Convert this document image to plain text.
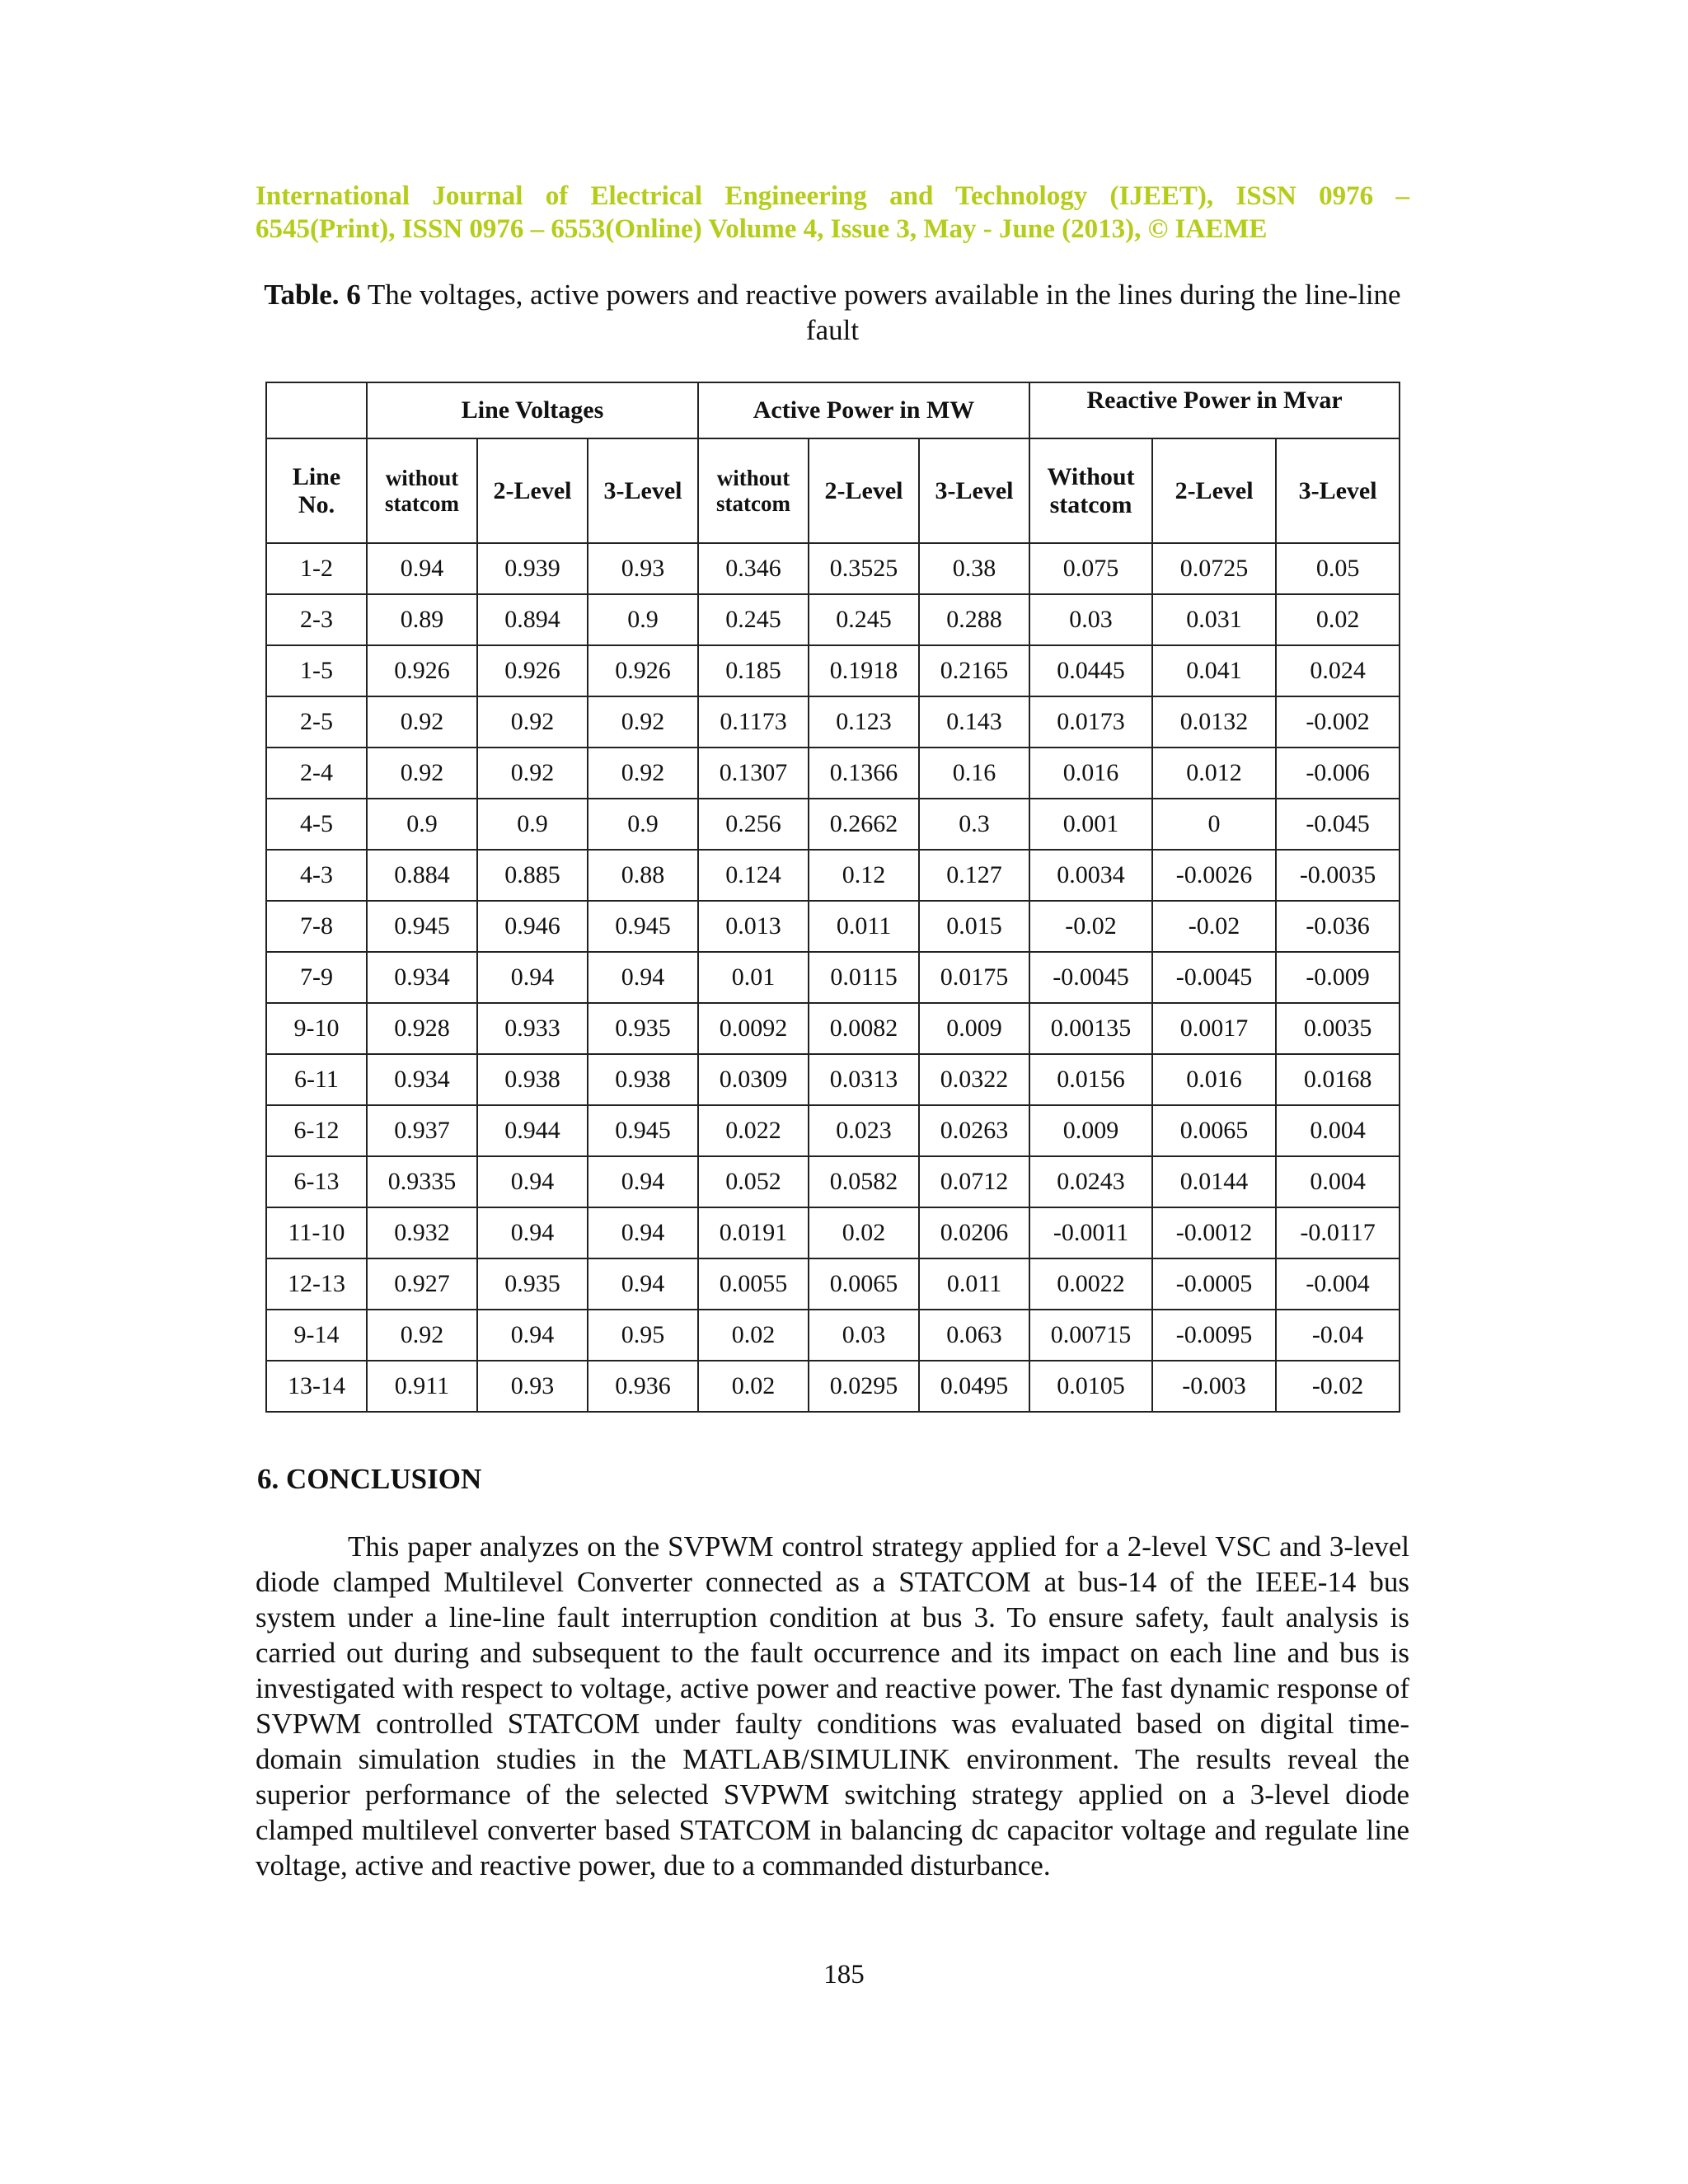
International Journal of Electrical Engineering and Technology (IJEET), ISSN 0976 –
6545(Print), ISSN 0976 – 6553(Online) Volume 4, Issue 3, May - June (2013), © IAEME
Table. 6 The voltages, active powers and reactive powers available in the lines during the line-line fault
	Line Voltages			Active Power in MW			Reactive Power in Mvar		
Line No.	without statcom	2-Level	3-Level	without statcom	2-Level	3-Level	Without statcom	2-Level	3-Level
1-2	0.94	0.939	0.93	0.346	0.3525	0.38	0.075	0.0725	0.05
2-3	0.89	0.894	0.9	0.245	0.245	0.288	0.03	0.031	0.02
1-5	0.926	0.926	0.926	0.185	0.1918	0.2165	0.0445	0.041	0.024
2-5	0.92	0.92	0.92	0.1173	0.123	0.143	0.0173	0.0132	-0.002
2-4	0.92	0.92	0.92	0.1307	0.1366	0.16	0.016	0.012	-0.006
4-5	0.9	0.9	0.9	0.256	0.2662	0.3	0.001	0	-0.045
4-3	0.884	0.885	0.88	0.124	0.12	0.127	0.0034	-0.0026	-0.0035
7-8	0.945	0.946	0.945	0.013	0.011	0.015	-0.02	-0.02	-0.036
7-9	0.934	0.94	0.94	0.01	0.0115	0.0175	-0.0045	-0.0045	-0.009
9-10	0.928	0.933	0.935	0.0092	0.0082	0.009	0.00135	0.0017	0.0035
6-11	0.934	0.938	0.938	0.0309	0.0313	0.0322	0.0156	0.016	0.0168
6-12	0.937	0.944	0.945	0.022	0.023	0.0263	0.009	0.0065	0.004
6-13	0.9335	0.94	0.94	0.052	0.0582	0.0712	0.0243	0.0144	0.004
11-10	0.932	0.94	0.94	0.0191	0.02	0.0206	-0.0011	-0.0012	-0.0117
12-13	0.927	0.935	0.94	0.0055	0.0065	0.011	0.0022	-0.0005	-0.004
9-14	0.92	0.94	0.95	0.02	0.03	0.063	0.00715	-0.0095	-0.04
13-14	0.911	0.93	0.936	0.02	0.0295	0.0495	0.0105	-0.003	-0.02
6. CONCLUSION
This paper analyzes on the SVPWM control strategy applied for a 2-level VSC and 3-level diode clamped Multilevel Converter connected as a STATCOM at bus-14 of the IEEE-14 bus system under a line-line fault interruption condition at bus 3. To ensure safety, fault analysis is carried out during and subsequent to the fault occurrence and its impact on each line and bus is investigated with respect to voltage, active power and reactive power. The fast dynamic response of SVPWM controlled STATCOM under faulty conditions was evaluated based on digital time-domain simulation studies in the MATLAB/SIMULINK environment. The results reveal the superior performance of the selected SVPWM switching strategy applied on a 3-level diode clamped multilevel converter based STATCOM in balancing dc capacitor voltage and regulate line voltage, active and reactive power, due to a commanded disturbance.
185
